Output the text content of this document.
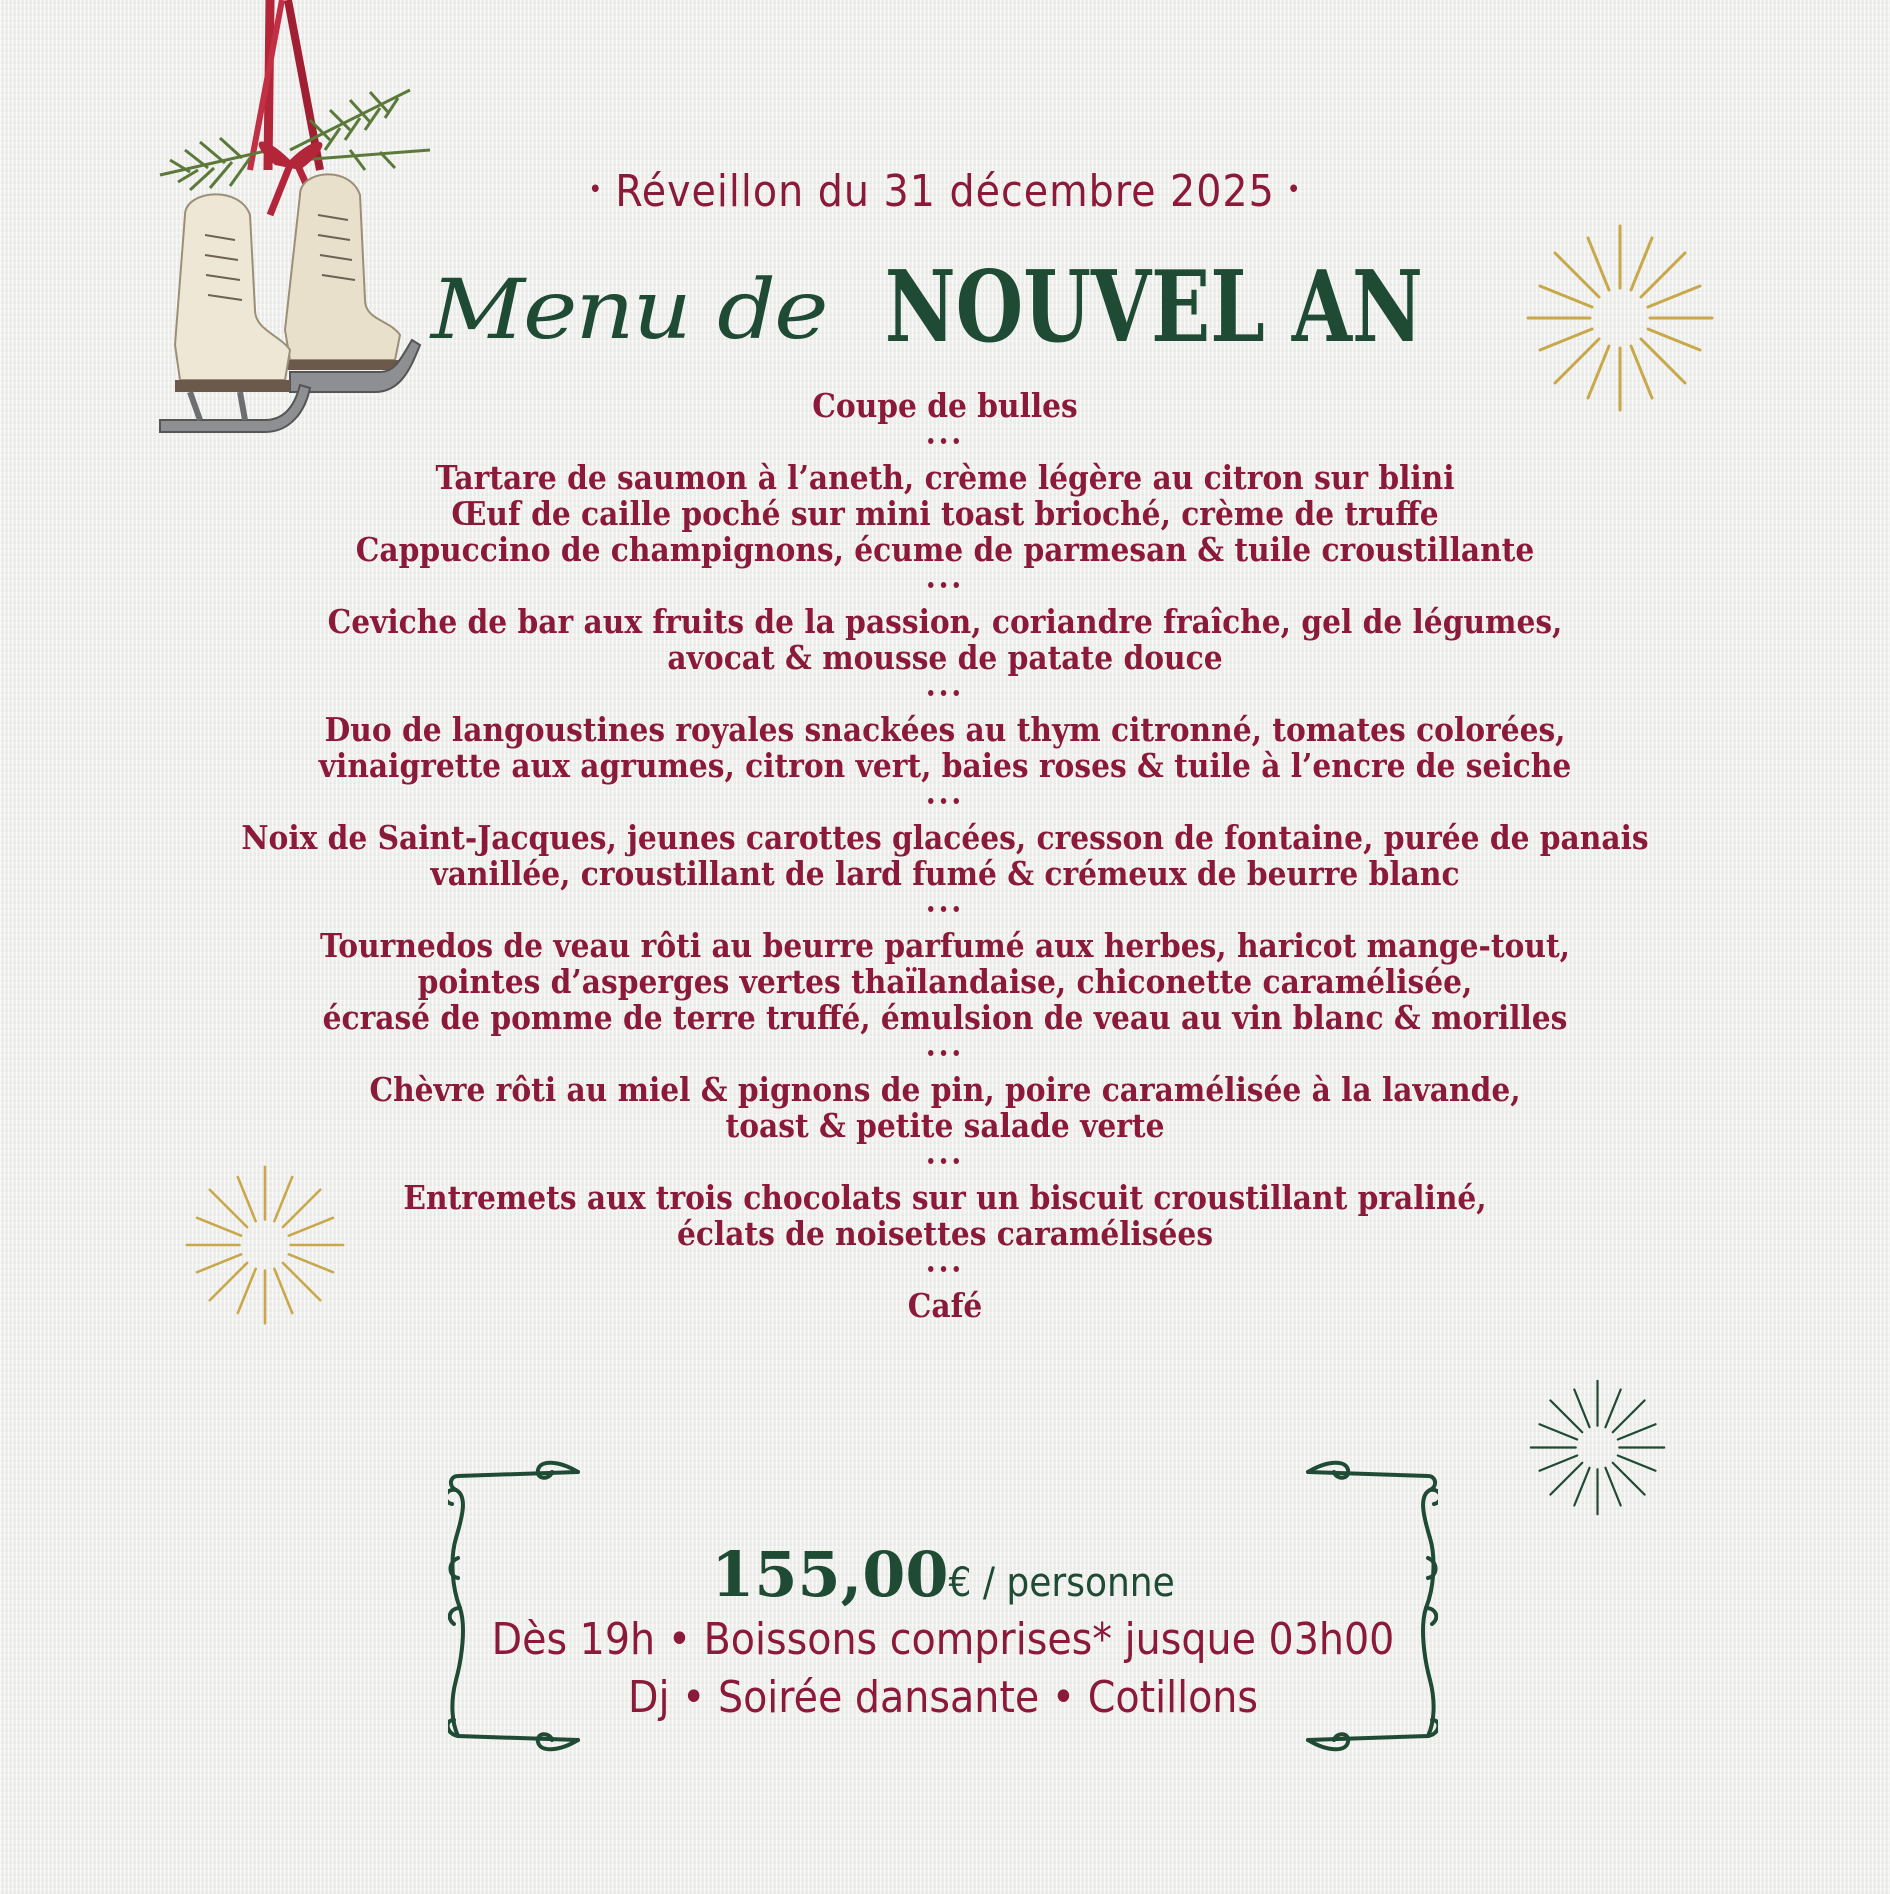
• Réveillon du 31 décembre 2025 •
Menu de NOUVEL AN
Coupe de bulles
•••
Tartare de saumon à l’aneth, crème légère au citron sur blini
Œuf de caille poché sur mini toast brioché, crème de truffe
Cappuccino de champignons, écume de parmesan & tuile croustillante
•••
Ceviche de bar aux fruits de la passion, coriandre fraîche, gel de légumes,
avocat & mousse de patate douce
•••
Duo de langoustines royales snackées au thym citronné, tomates colorées,
vinaigrette aux agrumes, citron vert, baies roses & tuile à l’encre de seiche
•••
Noix de Saint-Jacques, jeunes carottes glacées, cresson de fontaine, purée de panais
vanillée, croustillant de lard fumé & crémeux de beurre blanc
•••
Tournedos de veau rôti au beurre parfumé aux herbes, haricot mange-tout,
pointes d’asperges vertes thaïlandaise, chiconette caramélisée,
écrasé de pomme de terre truffé, émulsion de veau au vin blanc & morilles
•••
Chèvre rôti au miel & pignons de pin, poire caramélisée à la lavande,
toast & petite salade verte
•••
Entremets aux trois chocolats sur un biscuit croustillant praliné,
éclats de noisettes caramélisées
•••
Café
155,00€ / personne
Dès 19h • Boissons comprises* jusque 03h00
Dj • Soirée dansante • Cotillons
